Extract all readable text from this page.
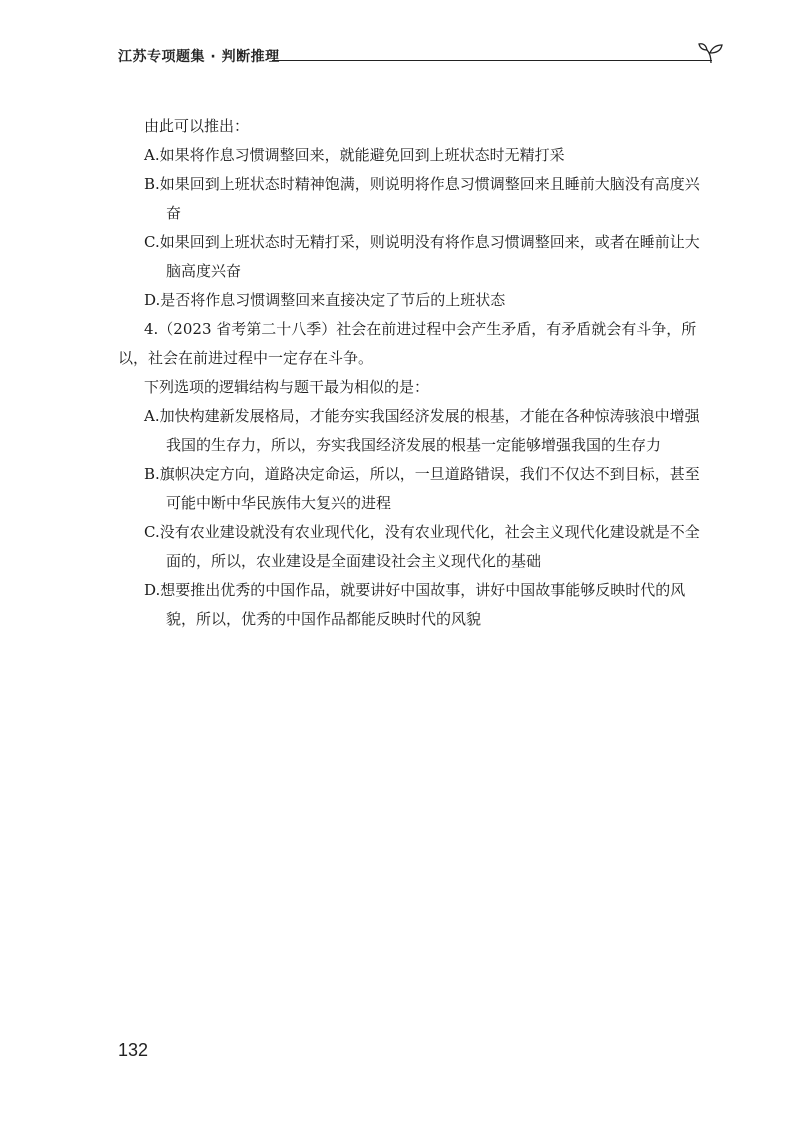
江苏专项题集 · 判断推理

由此可以推出：

A.如果将作息习惯调整回来，就能避免回到上班状态时无精打采
B.如果回到上班状态时精神饱满，则说明将作息习惯调整回来且睡前大脑没有高度兴奋
C.如果回到上班状态时无精打采，则说明没有将作息习惯调整回来，或者在睡前让大脑高度兴奋
D.是否将作息习惯调整回来直接决定了节后的上班状态

4.（2023 省考第二十八季）社会在前进过程中会产生矛盾，有矛盾就会有斗争，所以，社会在前进过程中一定存在斗争。

下列选项的逻辑结构与题干最为相似的是：

A.加快构建新发展格局，才能夯实我国经济发展的根基，才能在各种惊涛骇浪中增强我国的生存力，所以，夯实我国经济发展的根基一定能够增强我国的生存力
B.旗帜决定方向，道路决定命运，所以，一旦道路错误，我们不仅达不到目标，甚至可能中断中华民族伟大复兴的进程
C.没有农业建设就没有农业现代化，没有农业现代化，社会主义现代化建设就是不全面的，所以，农业建设是全面建设社会主义现代化的基础
D.想要推出优秀的中国作品，就要讲好中国故事，讲好中国故事能够反映时代的风貌，所以，优秀的中国作品都能反映时代的风貌
132
